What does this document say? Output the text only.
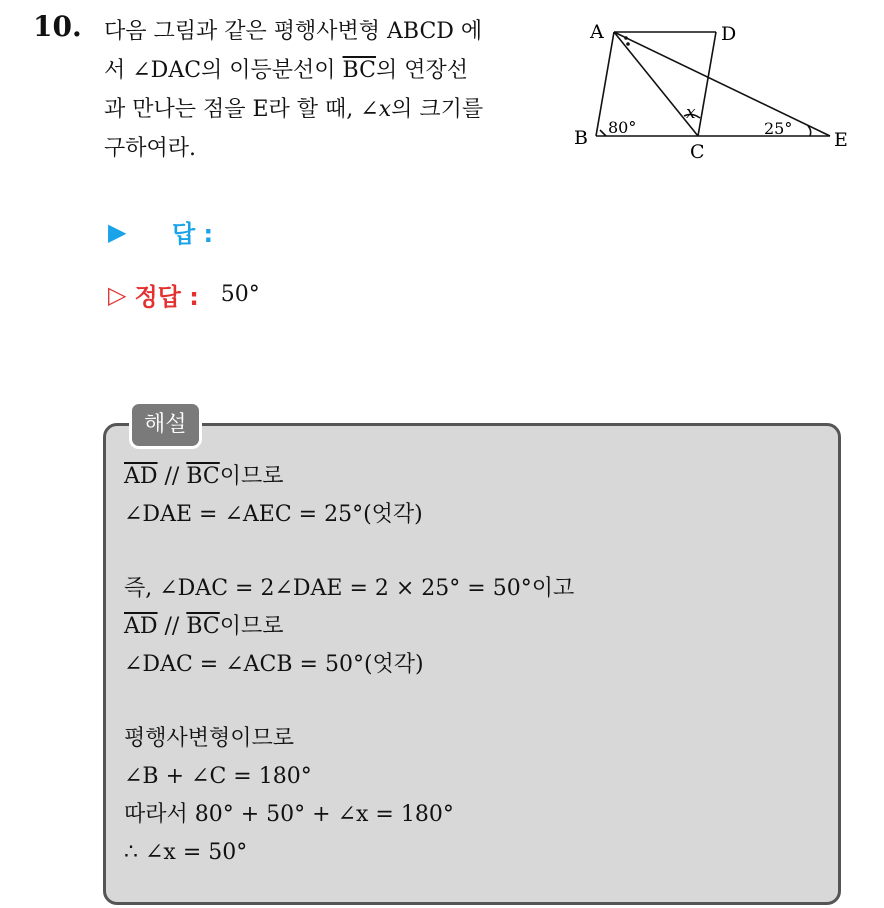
10. 다음 그림과 같은 평행사변형 ABCD 에
서 ∠DAC의 이등분선이 $\overline{BC}$의 연장선
과 만나는 점을 E라 할 때, ∠x의 크기를
구하여라.
A	D
B
C
E
80°	25°
x
▶	답 :
▷ 정답 : 50°
해설
$\overline{AD} // \overline{BC}$이므로
∠DAE = ∠AEC = 25°(엇각)
즉, ∠DAC = 2∠DAE = 2 × 25° = 50°이고
$\overline{AD} // \overline{BC}$이므로
∠DAC = ∠ACB = 50°(엇각)
평행사변형이므로
∠B + ∠C = 180°
따라서 80° + 50° + ∠x = 180°
∴ ∠x = 50°
